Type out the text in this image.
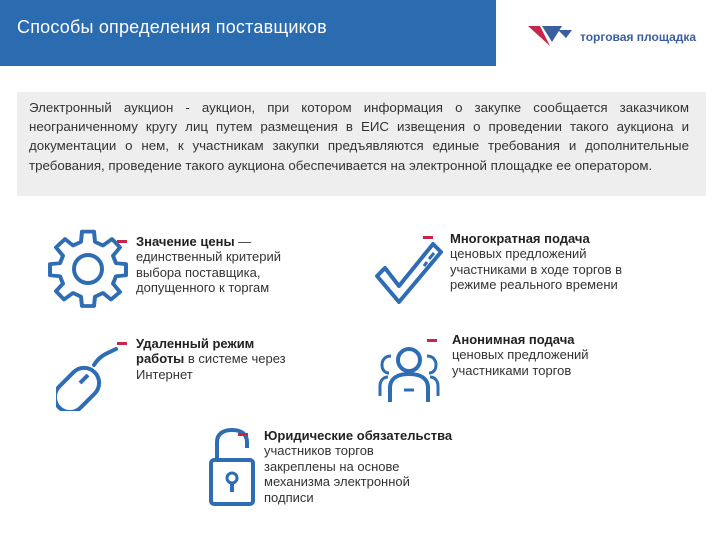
Способы определения поставщиков	торговая площадка

Электронный аукцион - аукцион, при котором информация о закупке сообщается заказчиком неограниченному кругу лиц путем размещения в ЕИС извещения о проведении такого аукциона и документации о нем, к участникам закупки предъявляются единые требования и дополнительные требования, проведение такого аукциона обеспечивается на электронной площадке ее оператором.

Значение цены — единственный критерий выбора поставщика, допущенного к торгам
Многократная подача
ценовых предложений участниками в ходе торгов в режиме реального времени
Удаленный режим работы в системе через Интернет
Анонимная подача
ценовых предложений участниками торгов
Юридические обязательства
участников торгов закреплены на основе механизма электронной подписи
